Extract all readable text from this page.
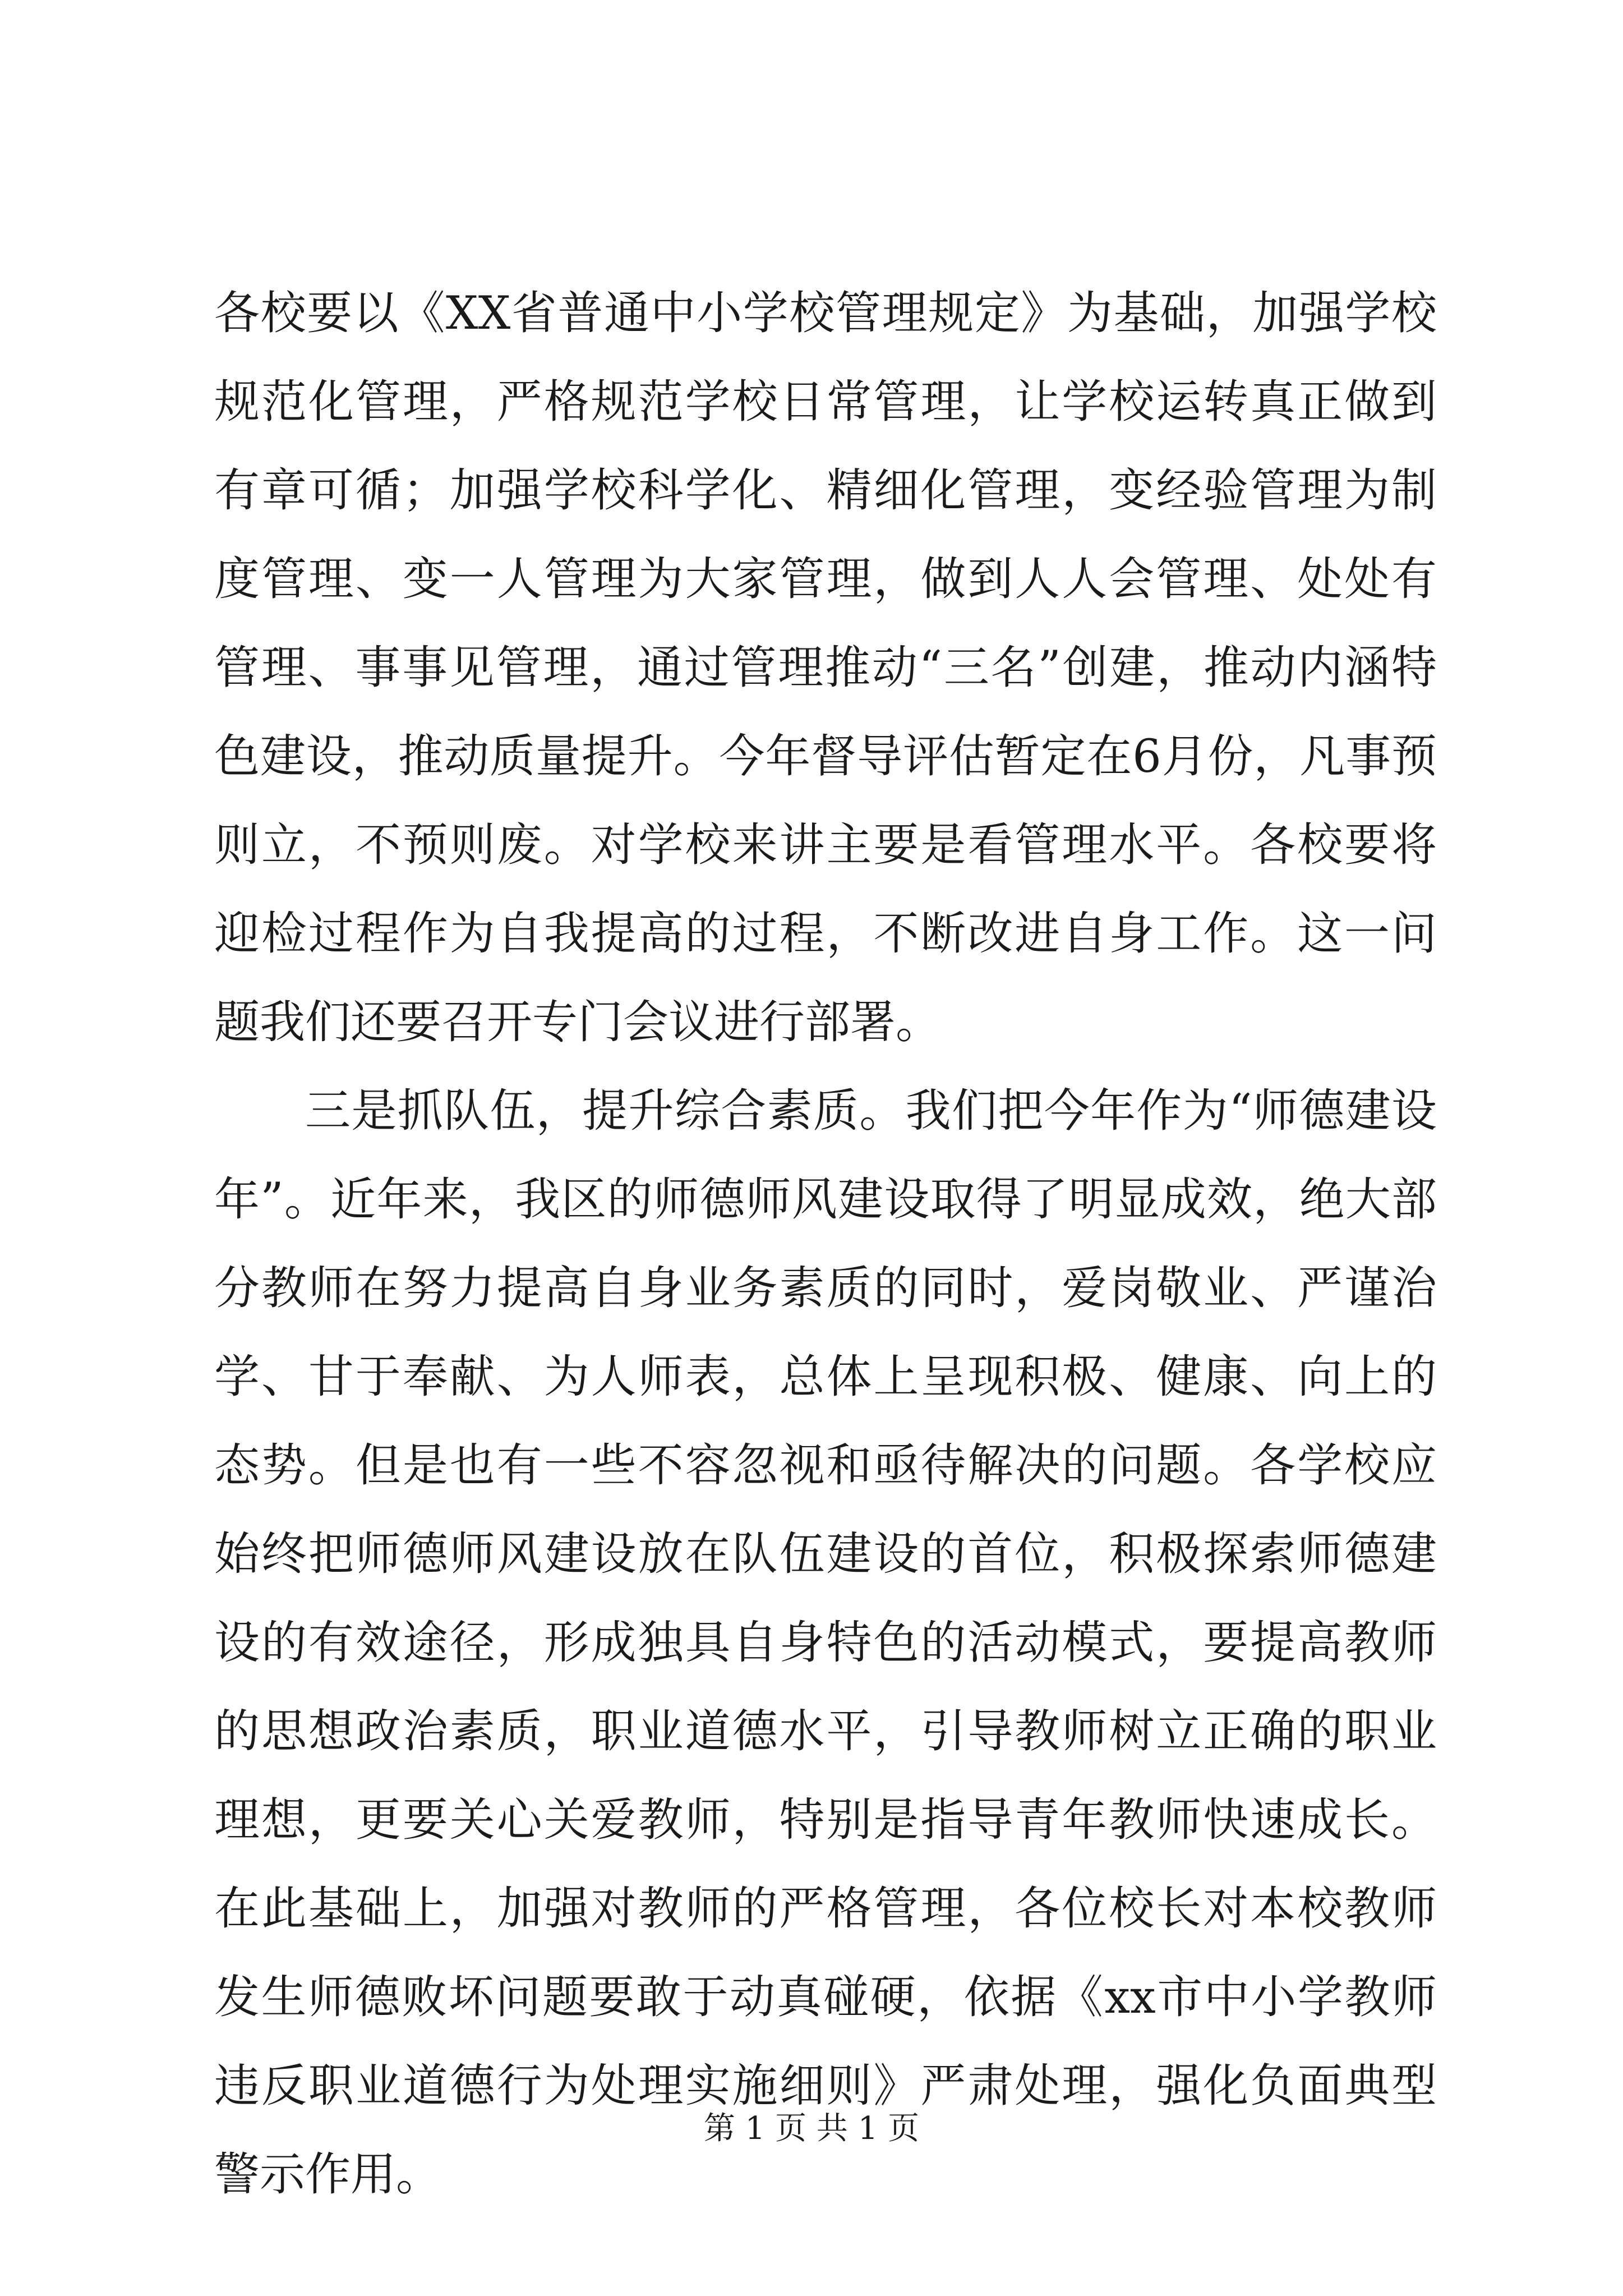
各校要以《XX省普通中小学校管理规定》为基础，加强学校规范化管理，严格规范学校日常管理，让学校运转真正做到有章可循；加强学校科学化、精细化管理，变经验管理为制度管理、变一人管理为大家管理，做到人人会管理、处处有管理、事事见管理，通过管理推动“三名”创建，推动内涵特色建设，推动质量提升。今年督导评估暂定在6月份，凡事预则立，不预则废。对学校来讲主要是看管理水平。各校要将迎检过程作为自我提高的过程，不断改进自身工作。这一问题我们还要召开专门会议进行部署。

三是抓队伍，提升综合素质。我们把今年作为“师德建设年”。近年来，我区的师德师风建设取得了明显成效，绝大部分教师在努力提高自身业务素质的同时，爱岗敬业、严谨治学、甘于奉献、为人师表，总体上呈现积极、健康、向上的态势。但是也有一些不容忽视和亟待解决的问题。各学校应始终把师德师风建设放在队伍建设的首位，积极探索师德建设的有效途径，形成独具自身特色的活动模式，要提高教师的思想政治素质，职业道德水平，引导教师树立正确的职业理想，更要关心关爱教师，特别是指导青年教师快速成长。在此基础上，加强对教师的严格管理，各位校长对本校教师发生师德败坏问题要敢于动真碰硬，依据《xx市中小学教师违反职业道德行为处理实施细则》严肃处理，强化负面典型警示作用。

第 1 页 共 1 页
